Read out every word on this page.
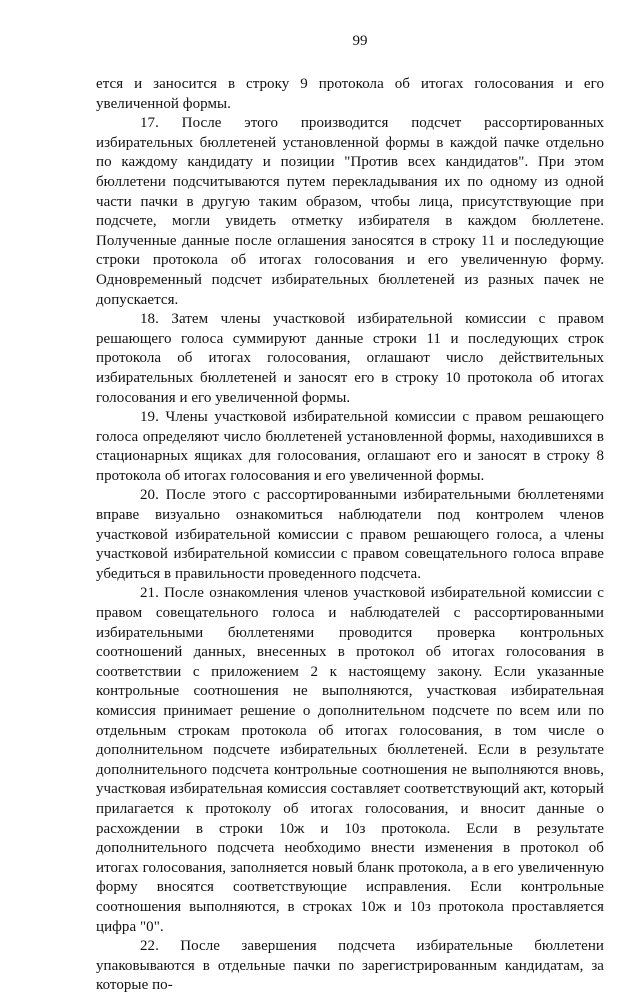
99

ется и заносится в строку 9 протокола об итогах голосования и его увеличенной формы.

17. После этого производится подсчет рассортированных избирательных бюллетеней установленной формы в каждой пачке отдельно по каждому кандидату и позиции "Против всех кандидатов". При этом бюллетени подсчитываются путем перекладывания их по одному из одной части пачки в другую таким образом, чтобы лица, присутствующие при подсчете, могли увидеть отметку избирателя в каждом бюллетене. Полученные данные после оглашения заносятся в строку 11 и последующие строки протокола об итогах голосования и его увеличенную форму. Одновременный подсчет избирательных бюллетеней из разных пачек не допускается.

18. Затем члены участковой избирательной комиссии с правом решающего голоса суммируют данные строки 11 и последующих строк протокола об итогах голосования, оглашают число действительных избирательных бюллетеней и заносят его в строку 10 протокола об итогах голосования и его увеличенной формы.

19. Члены участковой избирательной комиссии с правом решающего голоса определяют число бюллетеней установленной формы, находившихся в стационарных ящиках для голосования, оглашают его и заносят в строку 8 протокола об итогах голосования и его увеличенной формы.

20. После этого с рассортированными избирательными бюллетенями вправе визуально ознакомиться наблюдатели под контролем членов участковой избирательной комиссии с правом решающего голоса, а члены участковой избирательной комиссии с правом совещательного голоса вправе убедиться в правильности проведенного подсчета.

21. После ознакомления членов участковой избирательной комиссии с правом совещательного голоса и наблюдателей с рассортированными избирательными бюллетенями проводится проверка контрольных соотношений данных, внесенных в протокол об итогах голосования в соответствии с приложением 2 к настоящему закону. Если указанные контрольные соотношения не выполняются, участковая избирательная комиссия принимает решение о дополнительном подсчете по всем или по отдельным строкам протокола об итогах голосования, в том числе о дополнительном подсчете избирательных бюллетеней. Если в результате дополнительного подсчета контрольные соотношения не выполняются вновь, участковая избирательная комиссия составляет соответствующий акт, который прилагается к протоколу об итогах голосования, и вносит данные о расхождении в строки 10ж и 10з протокола. Если в результате дополнительного подсчета необходимо внести изменения в протокол об итогах голосования, заполняется новый бланк протокола, а в его увеличенную форму вносятся соответствующие исправления. Если контрольные соотношения выполняются, в строках 10ж и 10з протокола проставляется цифра "0".

22. После завершения подсчета избирательные бюллетени упаковываются в отдельные пачки по зарегистрированным кандидатам, за которые по-
